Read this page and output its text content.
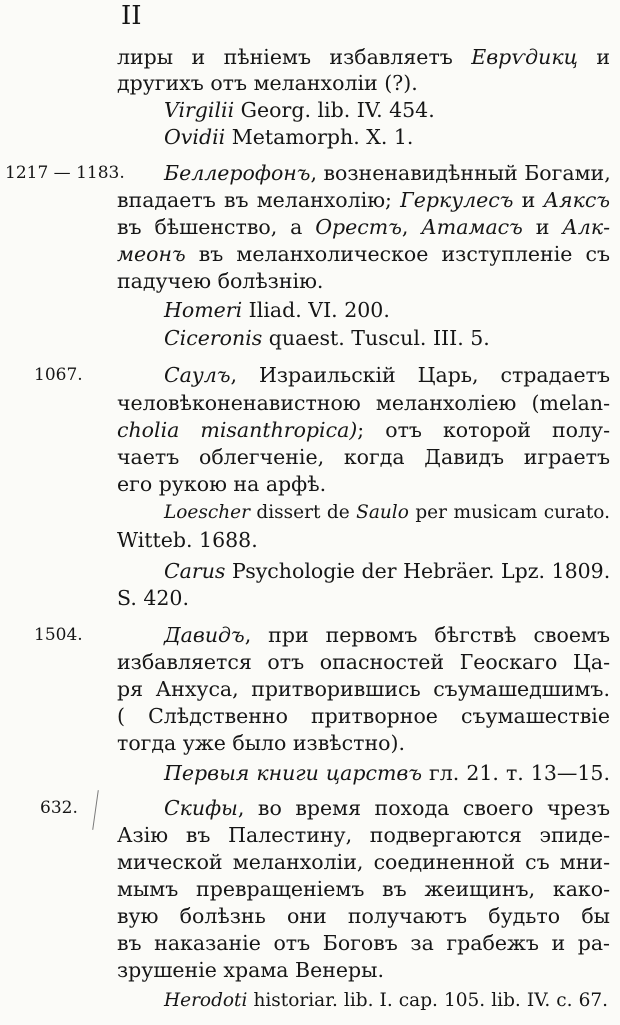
II
лиры и пѣніемъ избавляетъ Еврѵдикц и
другихъ отъ меланхоліи (?).
Virgilii Georg. lib. IV. 454.
Ovidii Metamorph. X. 1.
1217 — 1183. Беллерофонъ, возненавидѣнный Богами,
впадаетъ въ меланхолію; Геркулесъ и Аяксъ
въ бѣшенство, а Орестъ, Атамасъ и Алк-
меонъ въ меланхолическое изступленіе съ
падучею болѣзнію.
Homeri Iliad. VI. 200.
Ciceronis quaest. Tuscul. III. 5.
1067.	Саулъ, Израильскій Царь, страдаетъ
человѣконенавистною меланхоліею (melan-
cholia misanthropica); отъ которой полу-
чаетъ облегченіе, когда Давидъ играетъ
его рукою на арфѣ.
Loescher dissert de Saulo per musicam curato.
Witteb. 1688.
Carus Psychologie der Hebräer. Lpz. 1809.
S. 420.
1504.	Давидъ, при первомъ бѣгствѣ своемъ
избавляется отъ опасностей Геоскаго Ца-
ря Анхуса, притворившись съумашедшимъ.
( Слѣдственно притворное съумашествіе
тогда уже было извѣстно).
Первыя книги царствъ гл. 21. т. 13—15.
632.	Скифы, во время похода своего чрезъ
Азію въ Палестину, подвергаются эпиде-
мической меланхоліи, соединенной съ мни-
мымъ превращеніемъ въ жеищинъ, како-
вую болѣзнь они получаютъ будьто бы
въ наказаніе отъ Боговъ за грабежъ и ра-
зрушеніе храма Венеры.
Herodoti historiar. lib. I. cap. 105. lib. IV. c. 67.
